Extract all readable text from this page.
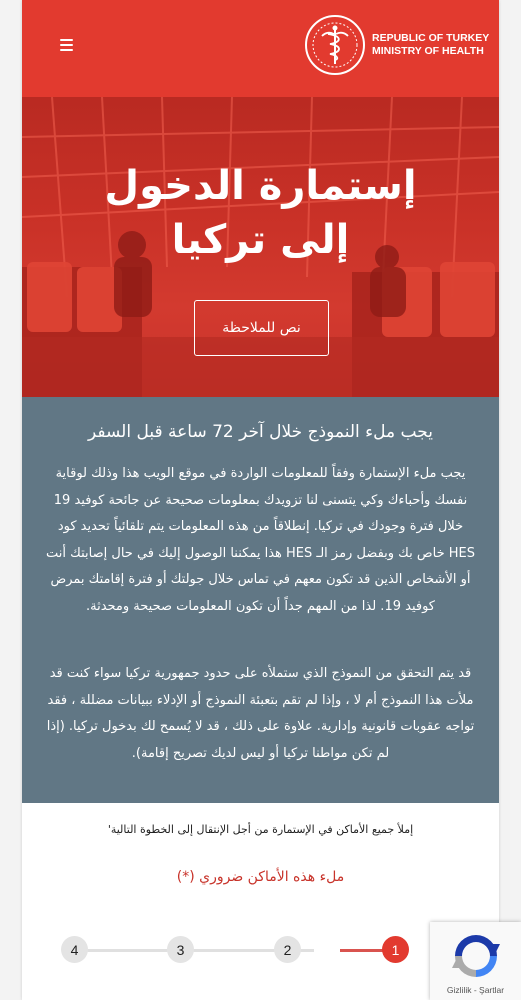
REPUBLIC OF TURKEY
MINISTRY OF HEALTH
إستمارة الدخول
إلى تركيا
نص للملاحظة
يجب ملء النموذج خلال آخر 72 ساعة قبل السفر

يجب ملء الإستمارة وفقاً للمعلومات الواردة في موقع الويب هذا وذلك لوقاية نفسك وأحباءك وكي يتسنى لنا تزويدك بمعلومات صحيحة عن جائحة كوفيد 19 خلال فترة وجودك في تركيا. إنطلاقاً من هذه المعلومات يتم تلقائياً تحديد كود HES خاص بك وبفضل رمز الـ HES هذا يمكننا الوصول إليك في حال إصابتك أنت أو الأشخاص الذين قد تكون معهم في تماس خلال جولتك أو فترة إقامتك بمرض كوفيد 19. لذا من المهم جداً أن تكون المعلومات صحيحة ومحدثة.

قد يتم التحقق من النموذج الذي ستملأه على حدود جمهورية تركيا سواء كنت قد ملأت هذا النموذج أم لا ، وإذا لم تقم بتعبئة النموذج أو الإدلاء ببيانات مضللة ، فقد تواجه عقوبات قانونية وإدارية. علاوة على ذلك ، قد لا يُسمح لك بدخول تركيا. (إذا لم تكن مواطنا تركيا أو ليس لديك تصريح إقامة).

إملأ جميع الأماكن في الإستمارة من أجل الإنتقال إلى الخطوة التالية'
ملء هذه الأماكن ضروري (*)
4	3	2	1
Gizlilik - Şartlar
